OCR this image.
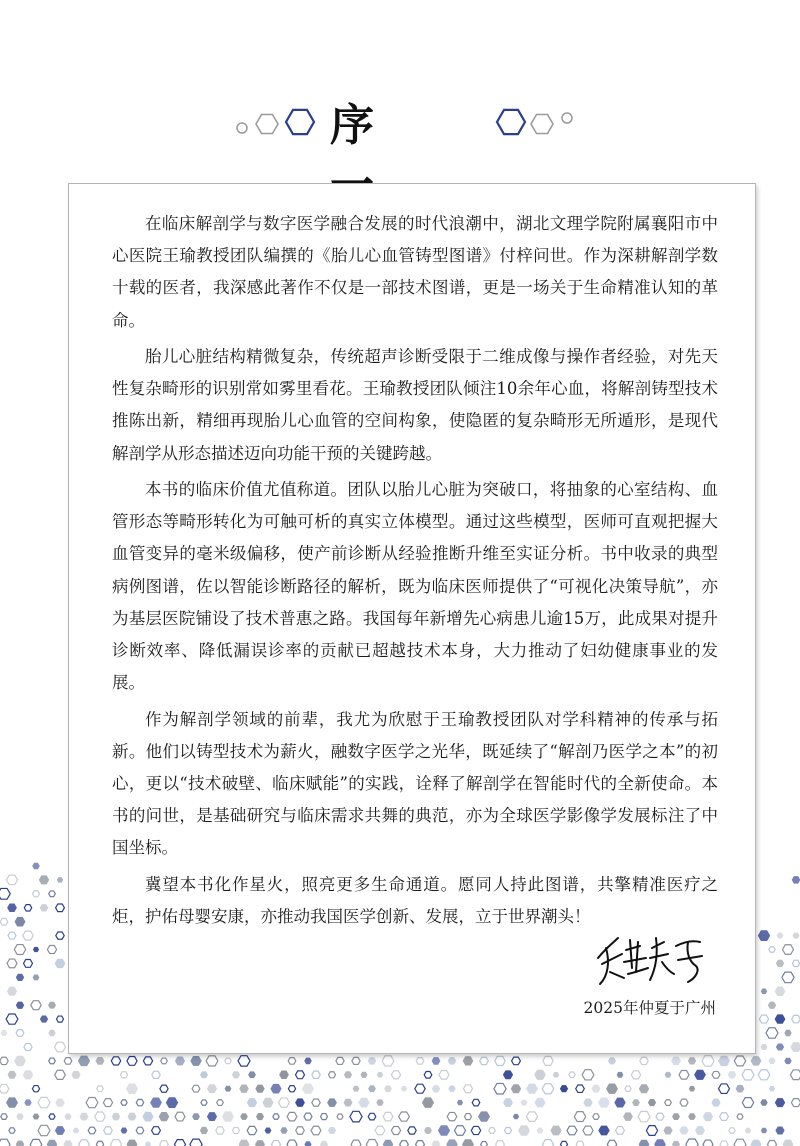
序

在临床解剖学与数字医学融合发展的时代浪潮中，湖北文理学院附属襄阳市中心医院王瑜教授团队编撰的《胎儿心血管铸型图谱》付梓问世。作为深耕解剖学数十载的医者，我深感此著作不仅是一部技术图谱，更是一场关于生命精准认知的革命。

胎儿心脏结构精微复杂，传统超声诊断受限于二维成像与操作者经验，对先天性复杂畸形的识别常如雾里看花。王瑜教授团队倾注10余年心血，将解剖铸型技术推陈出新，精细再现胎儿心血管的空间构象，使隐匿的复杂畸形无所遁形，是现代解剖学从形态描述迈向功能干预的关键跨越。

本书的临床价值尤值称道。团队以胎儿心脏为突破口，将抽象的心室结构、血管形态等畸形转化为可触可析的真实立体模型。通过这些模型，医师可直观把握大血管变异的毫米级偏移，使产前诊断从经验推断升维至实证分析。书中收录的典型病例图谱，佐以智能诊断路径的解析，既为临床医师提供了“可视化决策导航”，亦为基层医院铺设了技术普惠之路。我国每年新增先心病患儿逾15万，此成果对提升诊断效率、降低漏误诊率的贡献已超越技术本身，大力推动了妇幼健康事业的发展。

作为解剖学领域的前辈，我尤为欣慰于王瑜教授团队对学科精神的传承与拓新。他们以铸型技术为薪火，融数字医学之光华，既延续了“解剖乃医学之本”的初心，更以“技术破壁、临床赋能”的实践，诠释了解剖学在智能时代的全新使命。本书的问世，是基础研究与临床需求共舞的典范，亦为全球医学影像学发展标注了中国坐标。

冀望本书化作星火，照亮更多生命通道。愿同人持此图谱，共擎精准医疗之炬，护佑母婴安康，亦推动我国医学创新、发展，立于世界潮头！

2025年仲夏于广州
